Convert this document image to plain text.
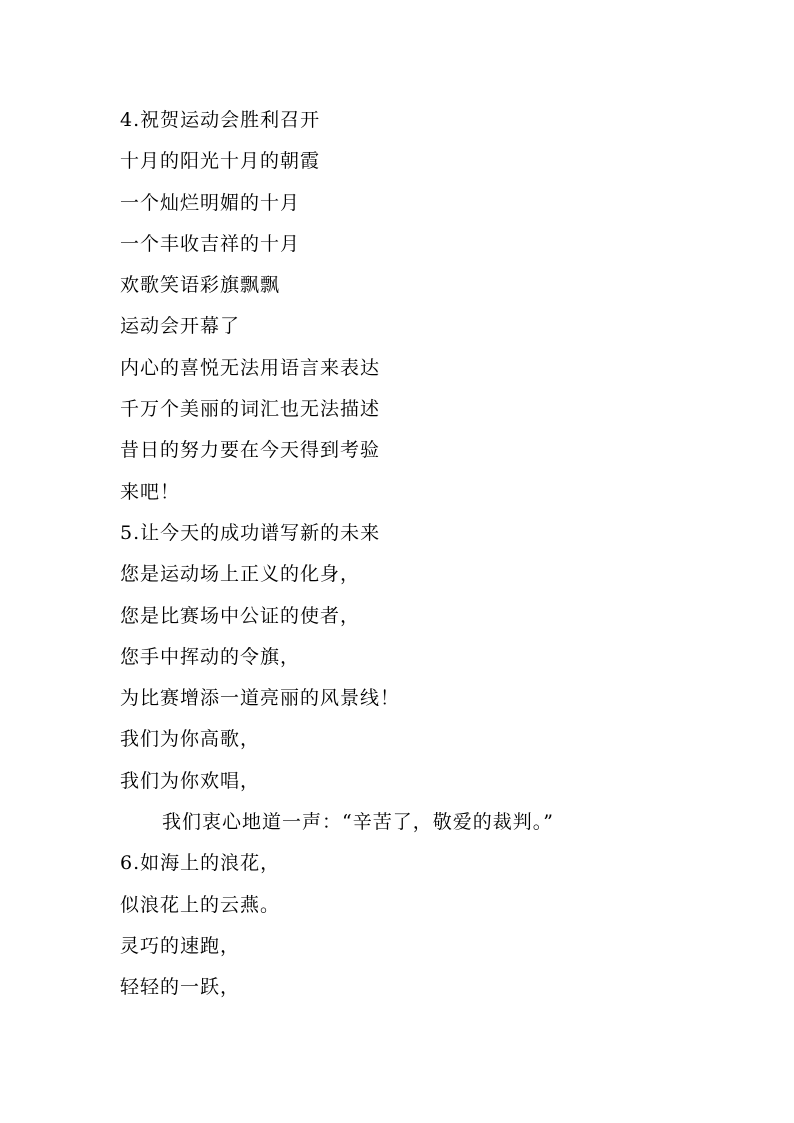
4.祝贺运动会胜利召开
十月的阳光十月的朝霞
一个灿烂明媚的十月
一个丰收吉祥的十月
欢歌笑语彩旗飘飘
运动会开幕了
内心的喜悦无法用语言来表达
千万个美丽的词汇也无法描述
昔日的努力要在今天得到考验
来吧！
5.让今天的成功谱写新的未来
您是运动场上正义的化身，
您是比赛场中公证的使者，
您手中挥动的令旗，
为比赛增添一道亮丽的风景线！
我们为你高歌，
我们为你欢唱，
我们衷心地道一声：“辛苦了，敬爱的裁判。”
6.如海上的浪花，
似浪花上的云燕。
灵巧的速跑，
轻轻的一跃，
